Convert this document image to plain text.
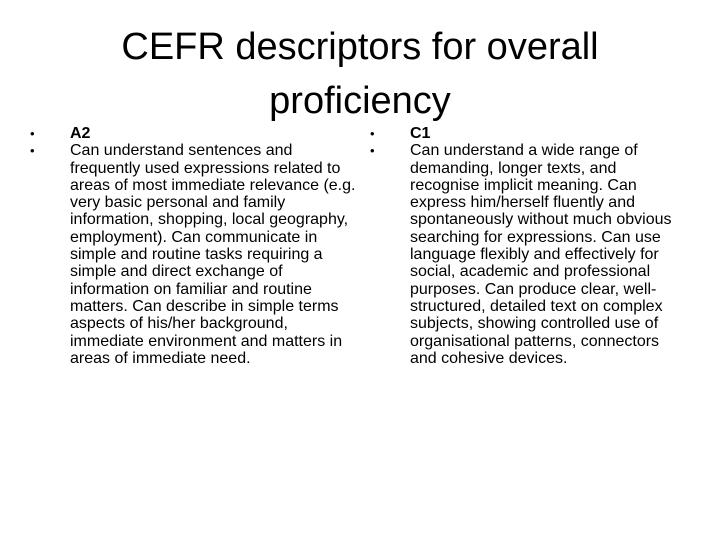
CEFR descriptors for overall proficiency
•	A2
•	Can understand sentences and frequently used expressions related to areas of most immediate relevance (e.g. very basic personal and family information, shopping, local geography, employment). Can communicate in simple and routine tasks requiring a simple and direct exchange of information on familiar and routine matters. Can describe in simple terms aspects of his/her background, immediate environment and matters in areas of immediate need.
•	C1
•	Can understand a wide range of demanding, longer texts, and recognise implicit meaning. Can express him/herself fluently and spontaneously without much obvious searching for expressions. Can use language flexibly and effectively for social, academic and professional purposes. Can produce clear, well-structured, detailed text on complex subjects, showing controlled use of organisational patterns, connectors and cohesive devices.
